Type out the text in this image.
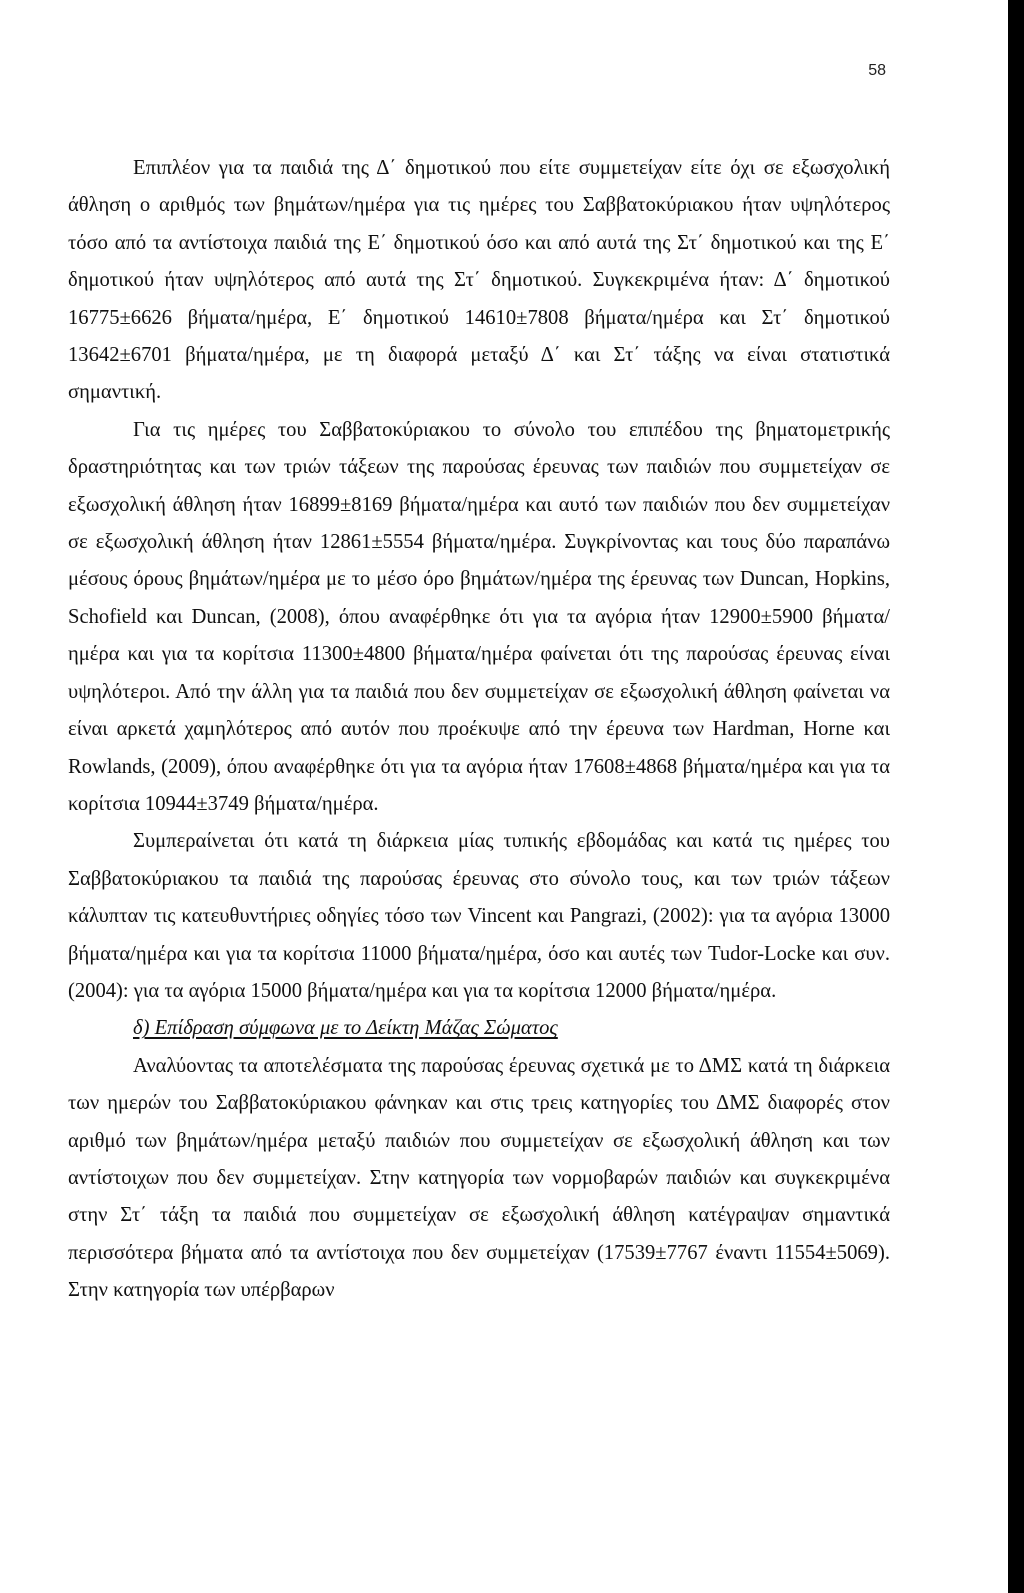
58

Επιπλέον για τα παιδιά της Δ΄ δημοτικού που είτε συμμετείχαν είτε όχι σε εξωσχολική άθληση ο αριθμός των βημάτων/ημέρα για τις ημέρες του Σαββατοκύριακου ήταν υψηλότερος τόσο από τα αντίστοιχα παιδιά της Ε΄ δημοτικού όσο και από αυτά της Στ΄ δημοτικού και της Ε΄ δημοτικού ήταν υψηλότερος από αυτά της Στ΄ δημοτικού. Συγκεκριμένα ήταν: Δ΄ δημοτικού 16775±6626 βήματα/ημέρα, Ε΄ δημοτικού 14610±7808 βήματα/ημέρα και Στ΄ δημοτικού 13642±6701 βήματα/ημέρα, με τη διαφορά μεταξύ Δ΄ και Στ΄ τάξης να είναι στατιστικά σημαντική.

Για τις ημέρες του Σαββατοκύριακου το σύνολο του επιπέδου της βηματομετρικής δραστηριότητας και των τριών τάξεων της παρούσας έρευνας των παιδιών που συμμετείχαν σε εξωσχολική άθληση ήταν 16899±8169 βήματα/ημέρα και αυτό των παιδιών που δεν συμμετείχαν σε εξωσχολική άθληση ήταν 12861±5554 βήματα/ημέρα. Συγκρίνοντας και τους δύο παραπάνω μέσους όρους βημάτων/ημέρα με το μέσο όρο βημάτων/ημέρα της έρευνας των Duncan, Hopkins, Schofield και Duncan, (2008), όπου αναφέρθηκε ότι για τα αγόρια ήταν 12900±5900 βήματα/ημέρα και για τα κορίτσια 11300±4800 βήματα/ημέρα φαίνεται ότι της παρούσας έρευνας είναι υψηλότεροι. Από την άλλη για τα παιδιά που δεν συμμετείχαν σε εξωσχολική άθληση φαίνεται να είναι αρκετά χαμηλότερος από αυτόν που προέκυψε από την έρευνα των Hardman, Horne και Rowlands, (2009), όπου αναφέρθηκε ότι για τα αγόρια ήταν 17608±4868 βήματα/ημέρα και για τα κορίτσια 10944±3749 βήματα/ημέρα.

Συμπεραίνεται ότι κατά τη διάρκεια μίας τυπικής εβδομάδας και κατά τις ημέρες του Σαββατοκύριακου τα παιδιά της παρούσας έρευνας στο σύνολο τους, και των τριών τάξεων κάλυπταν τις κατευθυντήριες οδηγίες τόσο των Vincent και Pangrazi, (2002): για τα αγόρια 13000 βήματα/ημέρα και για τα κορίτσια 11000 βήματα/ημέρα, όσο και αυτές των Tudor-Locke και συν. (2004): για τα αγόρια 15000 βήματα/ημέρα και για τα κορίτσια 12000 βήματα/ημέρα.

δ) Επίδραση σύμφωνα με το Δείκτη Μάζας Σώματος

Αναλύοντας τα αποτελέσματα της παρούσας έρευνας σχετικά με το ΔΜΣ κατά τη διάρκεια των ημερών του Σαββατοκύριακου φάνηκαν και στις τρεις κατηγορίες του ΔΜΣ διαφορές στον αριθμό των βημάτων/ημέρα μεταξύ παιδιών που συμμετείχαν σε εξωσχολική άθληση και των αντίστοιχων που δεν συμμετείχαν. Στην κατηγορία των νορμοβαρών παιδιών και συγκεκριμένα στην Στ΄ τάξη τα παιδιά που συμμετείχαν σε εξωσχολική άθληση κατέγραψαν σημαντικά περισσότερα βήματα από τα αντίστοιχα που δεν συμμετείχαν (17539±7767 έναντι 11554±5069). Στην κατηγορία των υπέρβαρων
